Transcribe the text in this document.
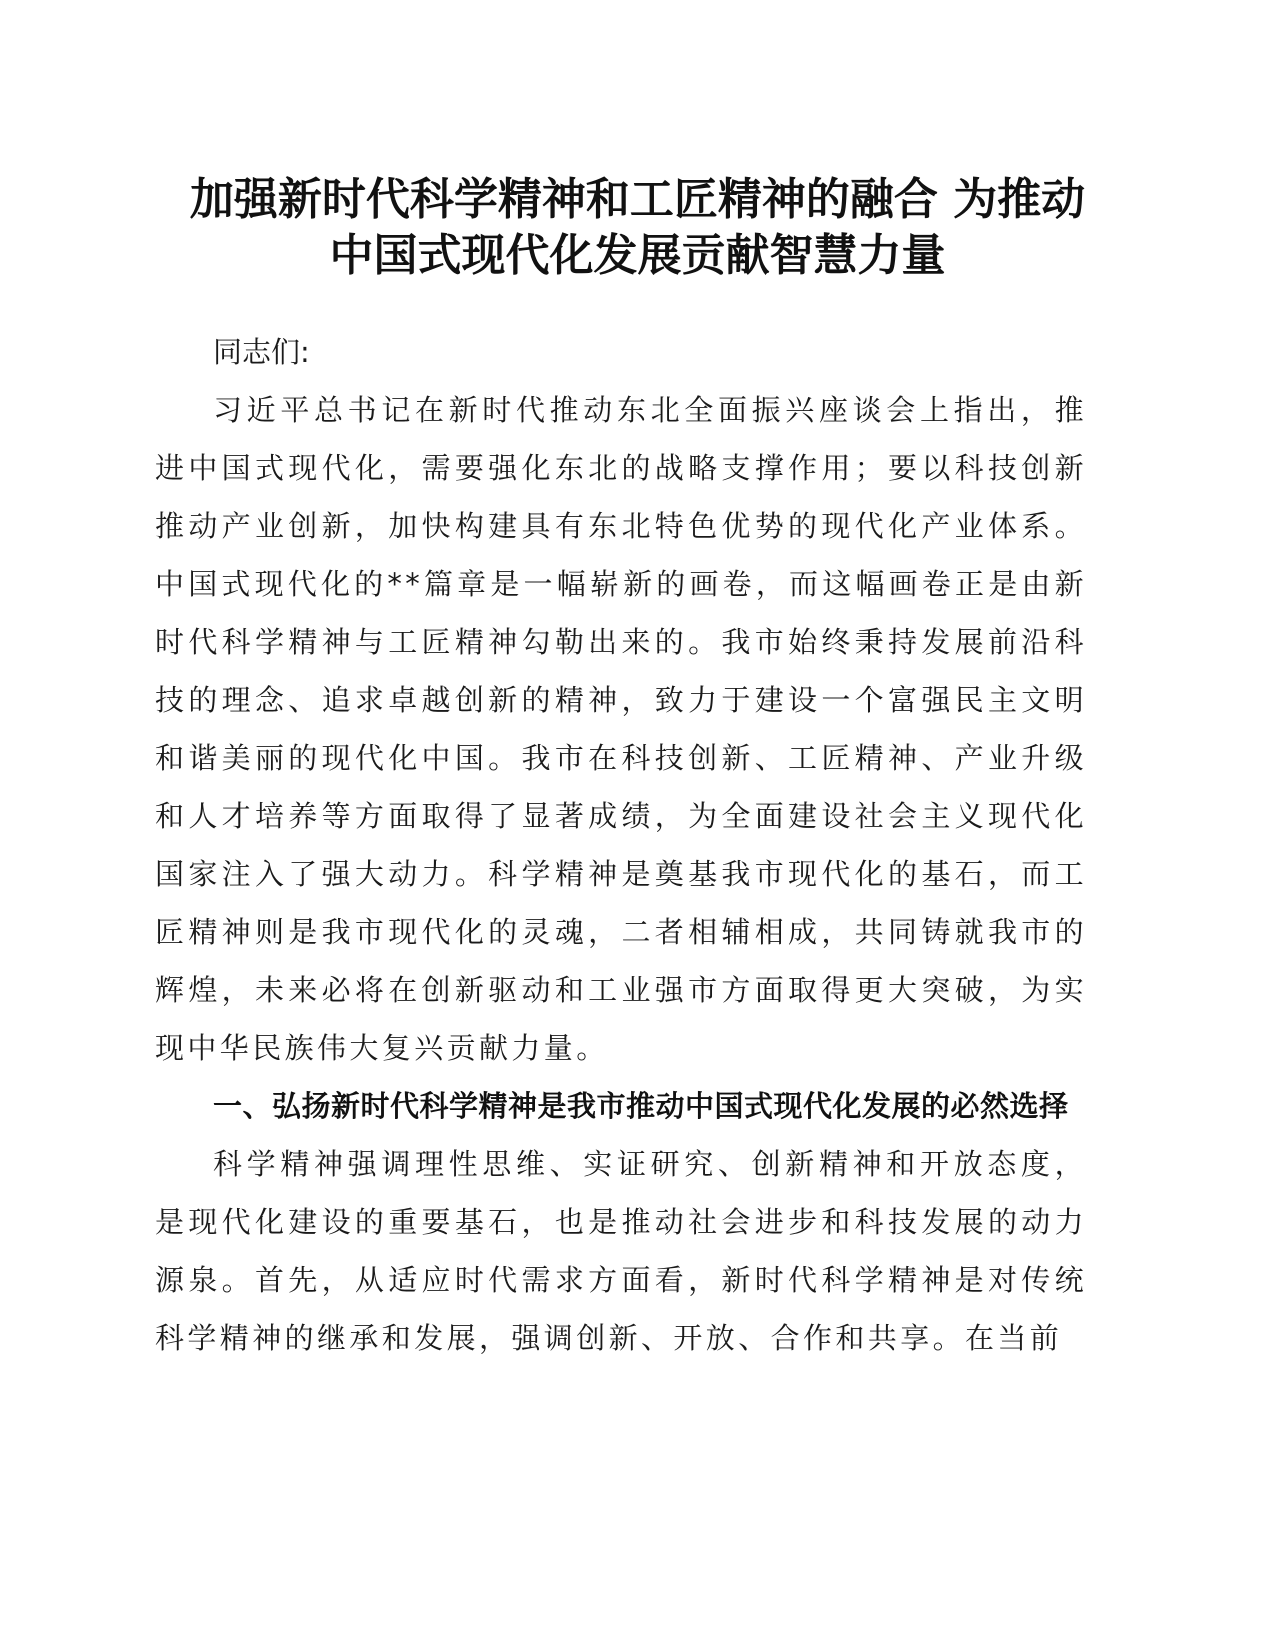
加强新时代科学精神和工匠精神的融合 为推动
中国式现代化发展贡献智慧力量

同志们:

习近平总书记在新时代推动东北全面振兴座谈会上指出，推进中国式现代化，需要强化东北的战略支撑作用；要以科技创新推动产业创新，加快构建具有东北特色优势的现代化产业体系。中国式现代化的**篇章是一幅崭新的画卷，而这幅画卷正是由新时代科学精神与工匠精神勾勒出来的。我市始终秉持发展前沿科技的理念、追求卓越创新的精神，致力于建设一个富强民主文明和谐美丽的现代化中国。我市在科技创新、工匠精神、产业升级和人才培养等方面取得了显著成绩，为全面建设社会主义现代化国家注入了强大动力。科学精神是奠基我市现代化的基石，而工匠精神则是我市现代化的灵魂，二者相辅相成，共同铸就我市的辉煌，未来必将在创新驱动和工业强市方面取得更大突破，为实现中华民族伟大复兴贡献力量。

一、弘扬新时代科学精神是我市推动中国式现代化发展的必然选择

科学精神强调理性思维、实证研究、创新精神和开放态度，是现代化建设的重要基石，也是推动社会进步和科技发展的动力源泉。首先，从适应时代需求方面看，新时代科学精神是对传统科学精神的继承和发展，强调创新、开放、合作和共享。在当前
